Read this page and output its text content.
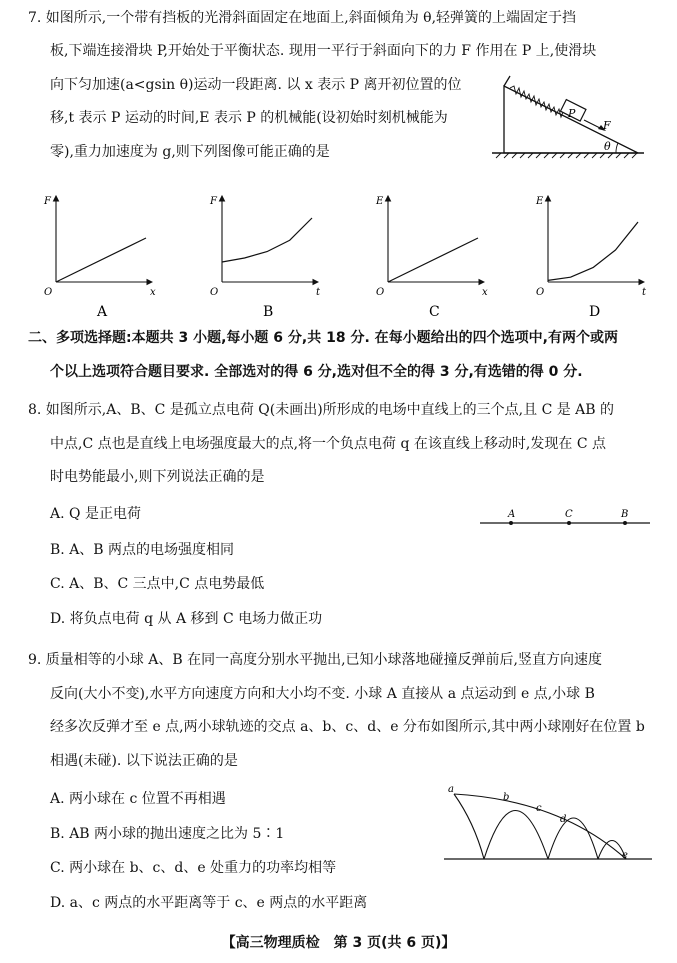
7. 如图所示,一个带有挡板的光滑斜面固定在地面上,斜面倾角为 θ,轻弹簧的上端固定于挡
板,下端连接滑块 P,开始处于平衡状态. 现用一平行于斜面向下的力 F 作用在 P 上,使滑块
向下匀加速(a<gsin θ)运动一段距离. 以 x 表示 P 离开初位置的位
移,t 表示 P 运动的时间,E 表示 P 的机械能(设初始时刻机械能为
零),重力加速度为 g,则下列图像可能正确的是
P
F
θ
F
x
O
A
F
t
O
B
E
x
O
C
E
t
O
D
二、多项选择题:本题共 3 小题,每小题 6 分,共 18 分. 在每小题给出的四个选项中,有两个或两
个以上选项符合题目要求. 全部选对的得 6 分,选对但不全的得 3 分,有选错的得 0 分.
8. 如图所示,A、B、C 是孤立点电荷 Q(未画出)所形成的电场中直线上的三个点,且 C 是 AB 的
中点,C 点也是直线上电场强度最大的点,将一个负点电荷 q 在该直线上移动时,发现在 C 点
时电势能最小,则下列说法正确的是
A. Q 是正电荷
B. A、B 两点的电场强度相同
C. A、B、C 三点中,C 点电势最低
D. 将负点电荷 q 从 A 移到 C 电场力做正功
A	C	B
9. 质量相等的小球 A、B 在同一高度分别水平抛出,已知小球落地碰撞反弹前后,竖直方向速度
反向(大小不变),水平方向速度方向和大小均不变. 小球 A 直接从 a 点运动到 e 点,小球 B
经多次反弹才至 e 点,两小球轨迹的交点 a、b、c、d、e 分布如图所示,其中两小球刚好在位置 b
相遇(未碰). 以下说法正确的是
A. 两小球在 c 位置不再相遇
B. AB 两小球的抛出速度之比为 5∶1
C. 两小球在 b、c、d、e 处重力的功率均相等
D. a、c 两点的水平距离等于 c、e 两点的水平距离
a
b
c
d
e
【高三物理质检　第 3 页(共 6 页)】
